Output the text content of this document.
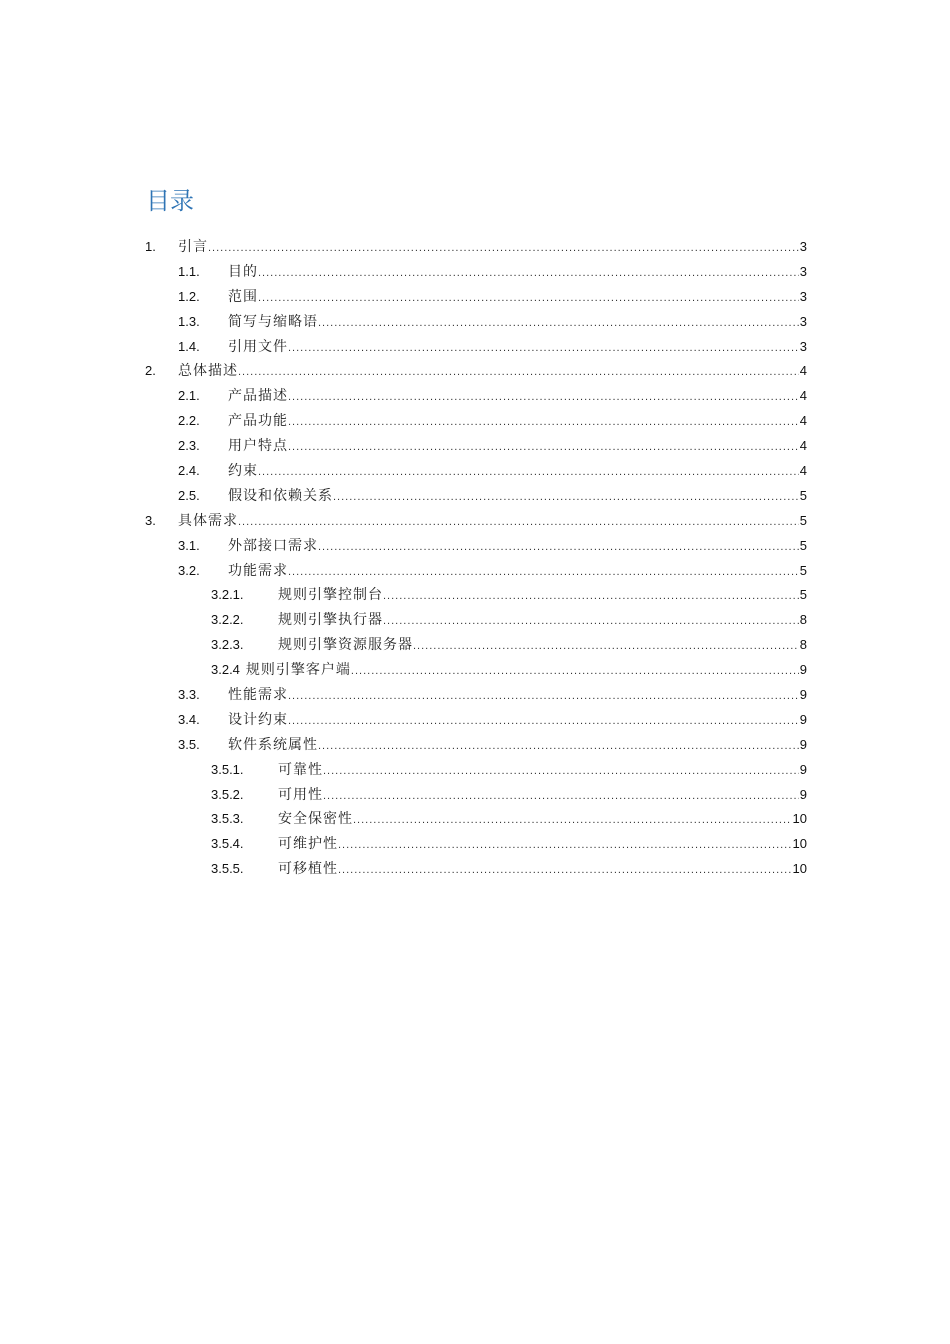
目录
1.	引言 .....	3
1.1.	目的 .....	3
1.2.	范围 .....	3
1.3.	简写与缩略语 .....	3
1.4.	引用文件 .....	3
2.	总体描述 .....	4
2.1.	产品描述 .....	4
2.2.	产品功能 .....	4
2.3.	用户特点 .....	4
2.4.	约束 .....	4
2.5.	假设和依赖关系 .....	5
3.	具体需求 .....	5
3.1.	外部接口需求 .....	5
3.2.	功能需求 .....	5
3.2.1.	规则引擎控制台 .....	5
3.2.2.	规则引擎执行器 .....	8
3.2.3.	规则引擎资源服务器 .....	8
3.2.4 规则引擎客户端 .....	9
3.3.	性能需求 .....	9
3.4.	设计约束 .....	9
3.5.	软件系统属性 .....	9
3.5.1.	可靠性 .....	9
3.5.2.	可用性 .....	9
3.5.3.	安全保密性 .....	10
3.5.4.	可维护性 .....	10
3.5.5.	可移植性 .....	10
